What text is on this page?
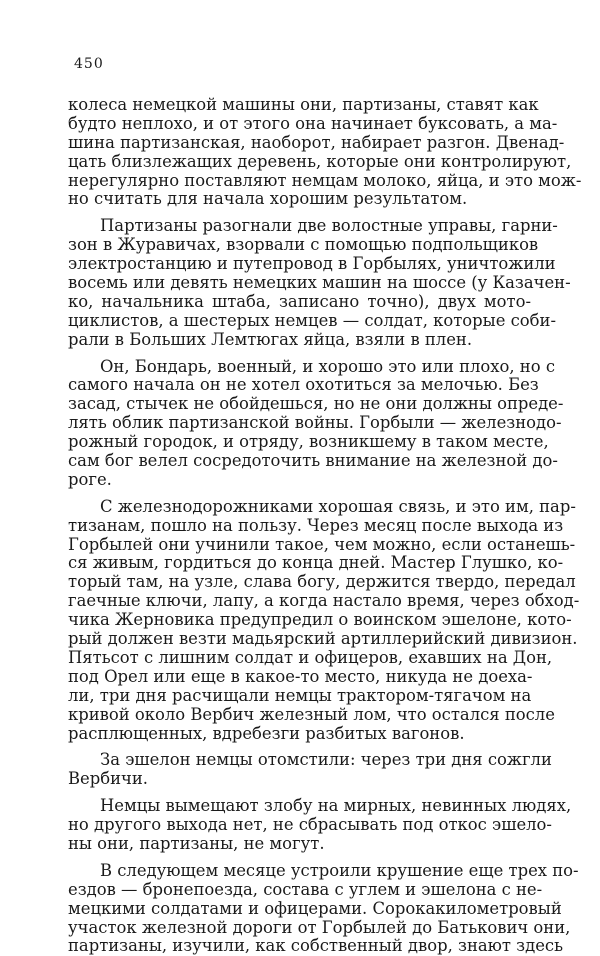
450
колеса немецкой машины они, партизаны, ставят как
будто неплохо, и от этого она начинает буксовать, а ма-
шина партизанская, наоборот, набирает разгон. Двенад-
цать близлежащих деревень, которые они контролируют,
нерегулярно поставляют немцам молоко, яйца, и это мож-
но считать для начала хорошим результатом.
Партизаны разогнали две волостные управы, гарни-
зон в Журавичах, взорвали с помощью подпольщиков
электростанцию и путепровод в Горбылях, уничтожили
восемь или девять немецких машин на шоссе (у Казачен-
ко, начальника штаба, записано точно), двух мото-
циклистов, а шестерых немцев — солдат, которые соби-
рали в Больших Лемтюгах яйца, взяли в плен.
Он, Бондарь, военный, и хорошо это или плохо, но с
самого начала он не хотел охотиться за мелочью. Без
засад, стычек не обойдешься, но не они должны опреде-
лять облик партизанской войны. Горбыли — железнодо-
рожный городок, и отряду, возникшему в таком месте,
сам бог велел сосредоточить внимание на железной до-
роге.
С железнодорожниками хорошая связь, и это им, пар-
тизанам, пошло на пользу. Через месяц после выхода из
Горбылей они учинили такое, чем можно, если останешь-
ся живым, гордиться до конца дней. Мастер Глушко, ко-
торый там, на узле, слава богу, держится твердо, передал
гаечные ключи, лапу, а когда настало время, через обход-
чика Жерновика предупредил о воинском эшелоне, кото-
рый должен везти мадьярский артиллерийский дивизион.
Пятьсот с лишним солдат и офицеров, ехавших на Дон,
под Орел или еще в какое-то место, никуда не доеха-
ли, три дня расчищали немцы трактором-тягачом на
кривой около Вербич железный лом, что остался после
расплющенных, вдребезги разбитых вагонов.
За эшелон немцы отомстили: через три дня сожгли
Вербичи.
Немцы вымещают злобу на мирных, невинных людях,
но другого выхода нет, не сбрасывать под откос эшело-
ны они, партизаны, не могут.
В следующем месяце устроили крушение еще трех по-
ездов — бронепоезда, состава с углем и эшелона с не-
мецкими солдатами и офицерами. Сорокакилометровый
участок железной дороги от Горбылей до Батькович они,
партизаны, изучили, как собственный двор, знают здесь
